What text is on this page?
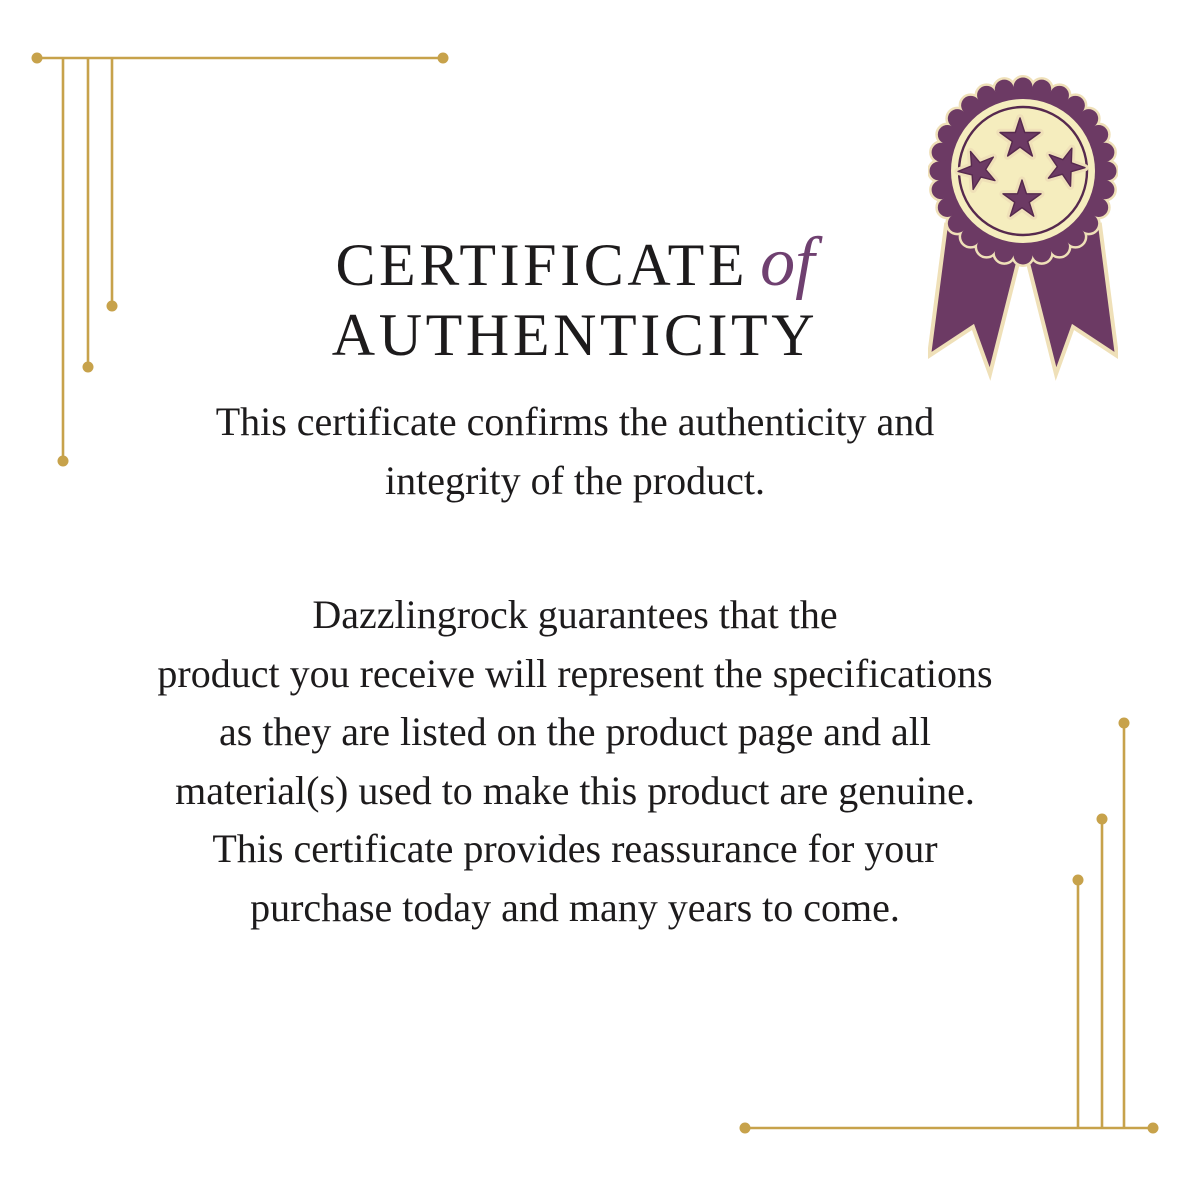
CERTIFICATE of
AUTHENTICITY

This certificate confirms the authenticity and
integrity of the product.

Dazzlingrock guarantees that the
product you receive will represent the specifications
as they are listed on the product page and all
material(s) used to make this product are genuine.
This certificate provides reassurance for your
purchase today and many years to come.
